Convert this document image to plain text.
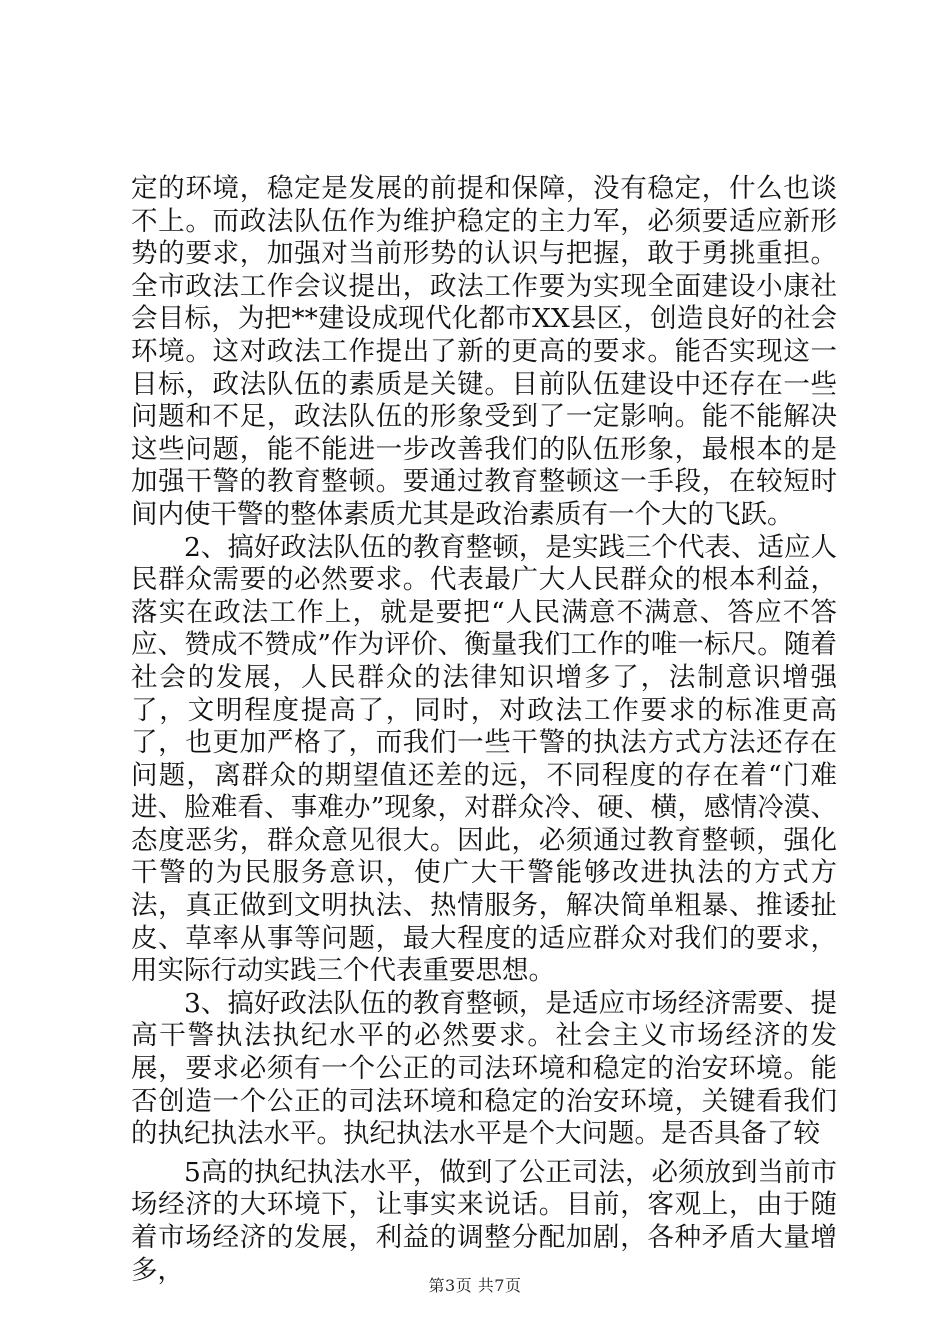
定的环境，稳定是发展的前提和保障，没有稳定，什么也谈不上。而政法队伍作为维护稳定的主力军，必须要适应新形势的要求，加强对当前形势的认识与把握，敢于勇挑重担。全市政法工作会议提出，政法工作要为实现全面建设小康社会目标，为把**建设成现代化都市XX县区，创造良好的社会环境。这对政法工作提出了新的更高的要求。能否实现这一目标，政法队伍的素质是关键。目前队伍建设中还存在一些问题和不足，政法队伍的形象受到了一定影响。能不能解决这些问题，能不能进一步改善我们的队伍形象，最根本的是加强干警的教育整顿。要通过教育整顿这一手段，在较短时间内使干警的整体素质尤其是政治素质有一个大的飞跃。

2、搞好政法队伍的教育整顿，是实践三个代表、适应人民群众需要的必然要求。代表最广大人民群众的根本利益，落实在政法工作上，就是要把“人民满意不满意、答应不答应、赞成不赞成”作为评价、衡量我们工作的唯一标尺。随着社会的发展，人民群众的法律知识增多了，法制意识增强了，文明程度提高了，同时，对政法工作要求的标准更高了，也更加严格了，而我们一些干警的执法方式方法还存在问题，离群众的期望值还差的远，不同程度的存在着“门难进、脸难看、事难办”现象，对群众冷、硬、横，感情冷漠、态度恶劣，群众意见很大。因此，必须通过教育整顿，强化干警的为民服务意识，使广大干警能够改进执法的方式方法，真正做到文明执法、热情服务，解决简单粗暴、推诿扯皮、草率从事等问题，最大程度的适应群众对我们的要求，用实际行动实践三个代表重要思想。

3、搞好政法队伍的教育整顿，是适应市场经济需要、提高干警执法执纪水平的必然要求。社会主义市场经济的发展，要求必须有一个公正的司法环境和稳定的治安环境。能否创造一个公正的司法环境和稳定的治安环境，关键看我们的执纪执法水平。执纪执法水平是个大问题。是否具备了较

5高的执纪执法水平，做到了公正司法，必须放到当前市场经济的大环境下，让事实来说话。目前，客观上，由于随着市场经济的发展，利益的调整分配加剧，各种矛盾大量增多，	第3页 共7页
